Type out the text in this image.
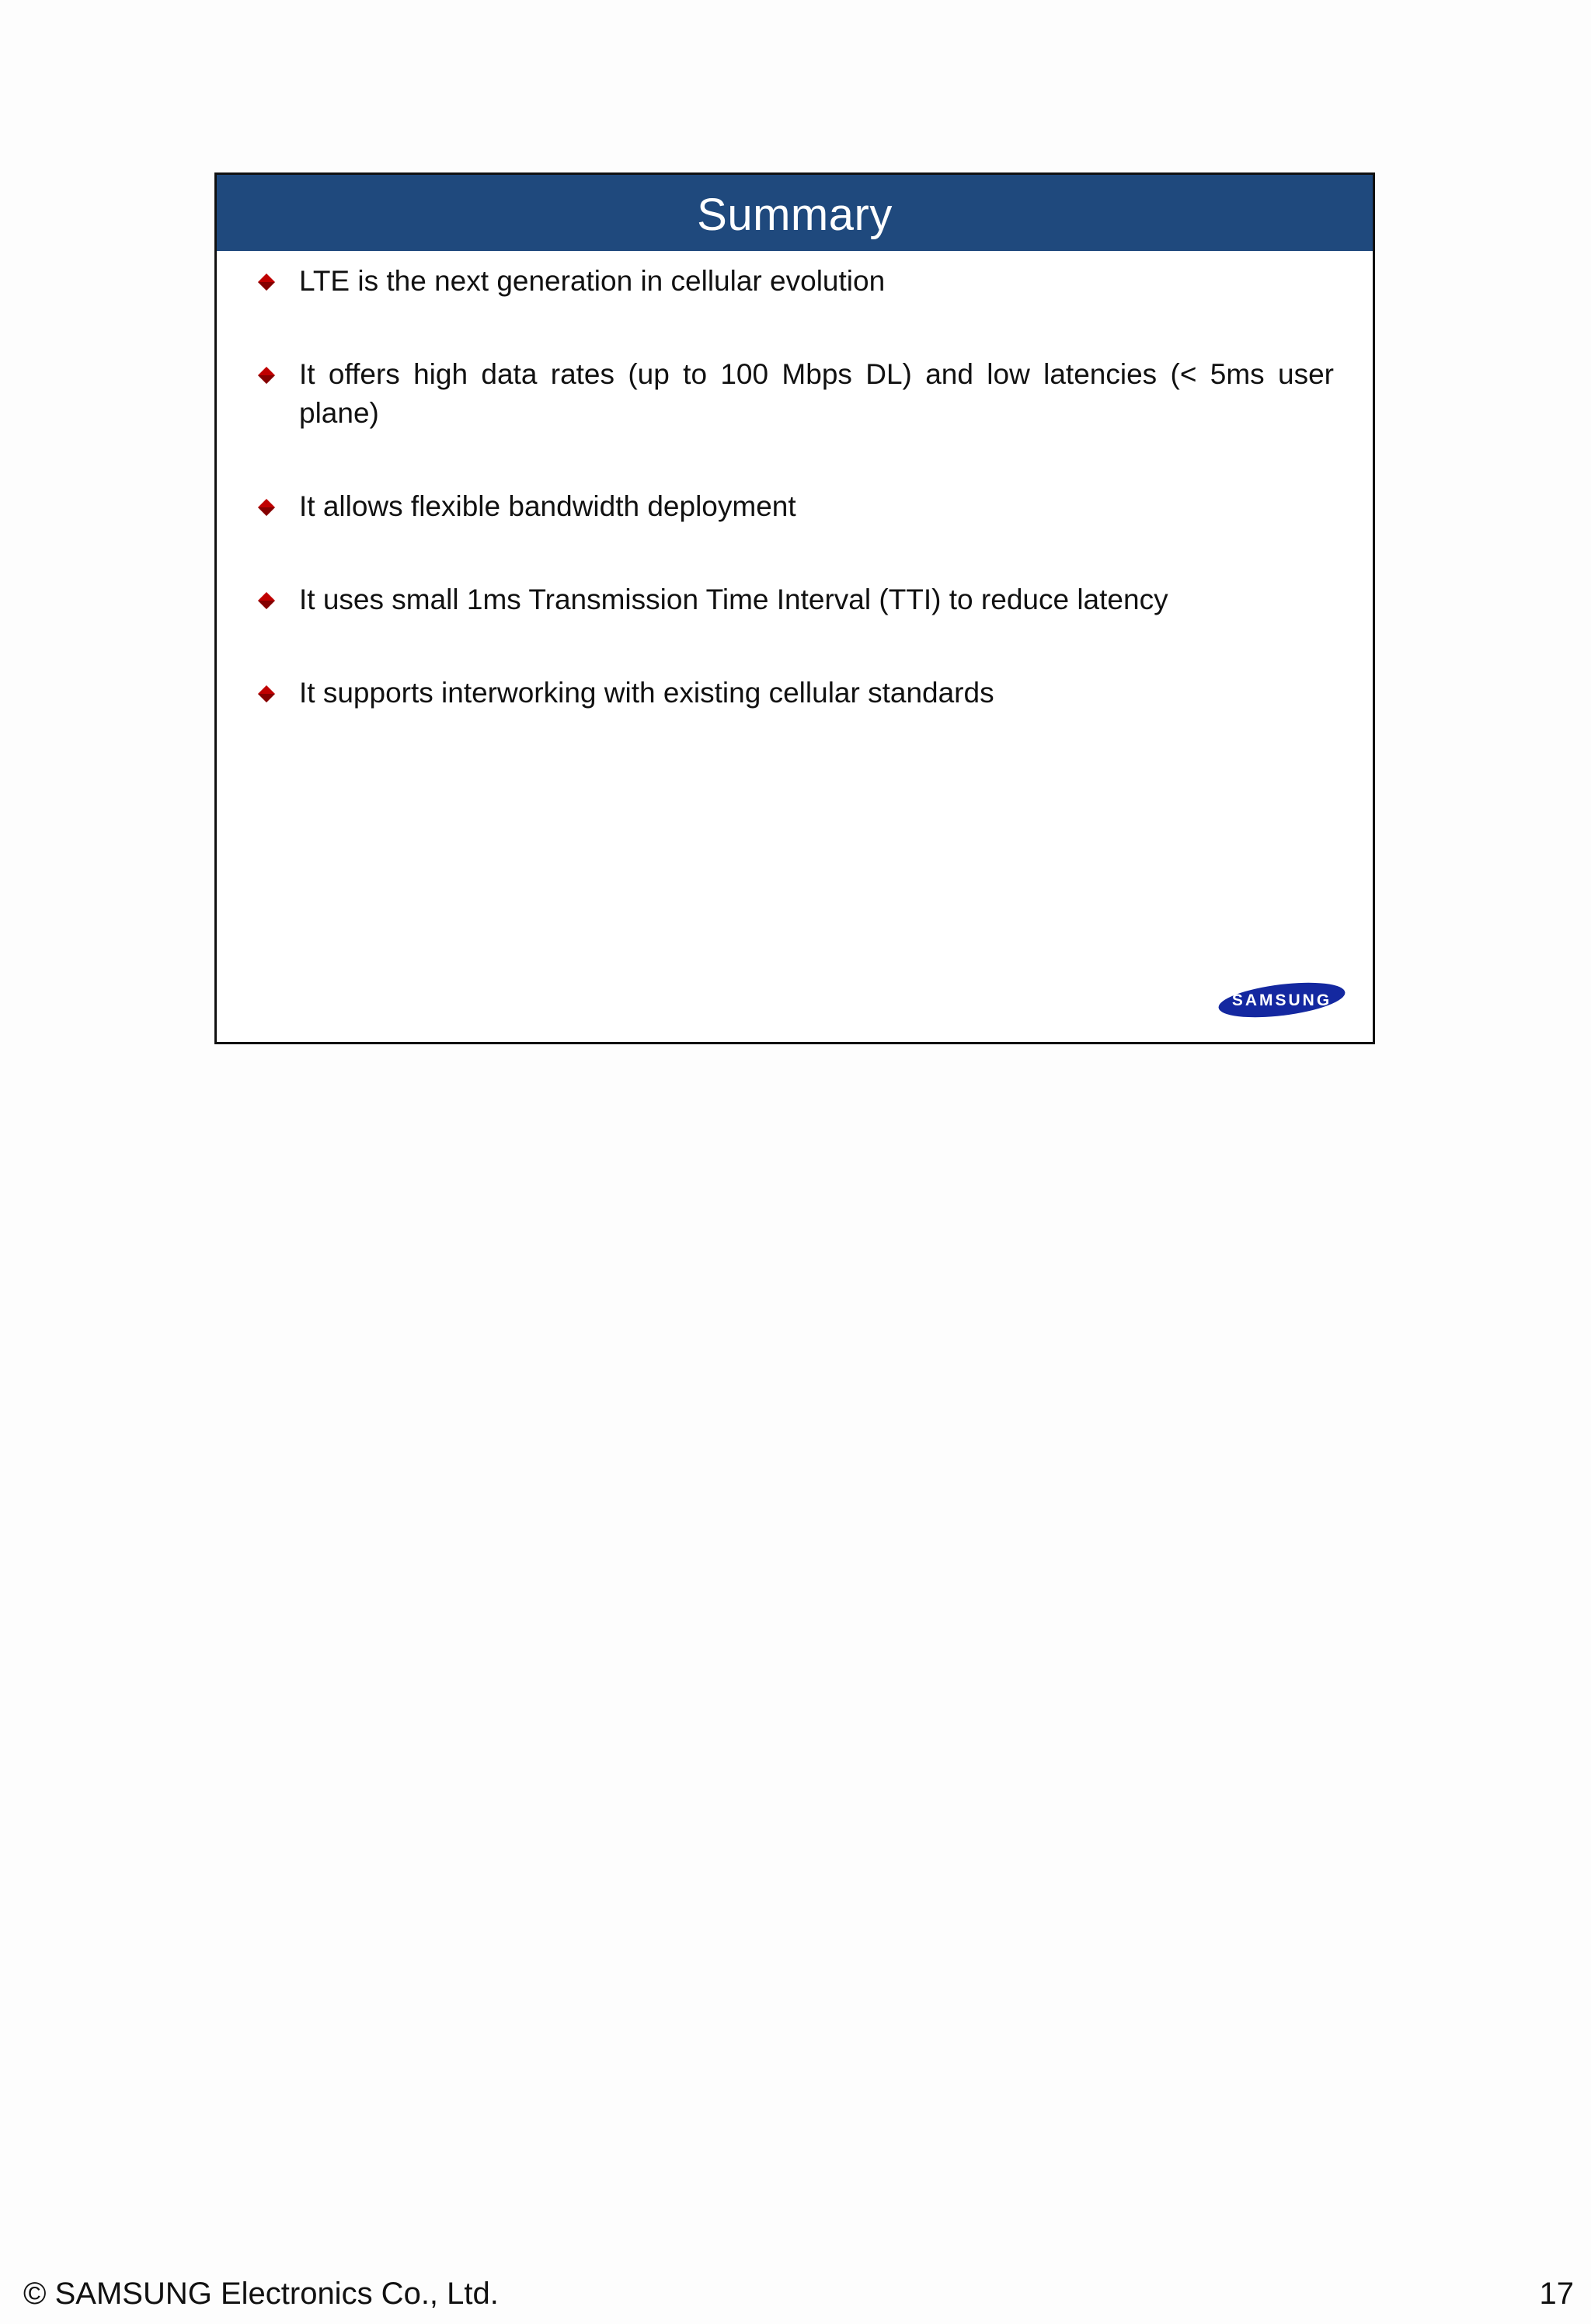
Summary
LTE is the next generation in cellular evolution
It offers high data rates (up to 100 Mbps DL) and low latencies (< 5ms user plane)
It allows flexible bandwidth deployment
It uses small 1ms Transmission Time Interval (TTI) to reduce latency
It supports interworking with existing cellular standards
SAMSUNG
© SAMSUNG Electronics Co., Ltd.	17
